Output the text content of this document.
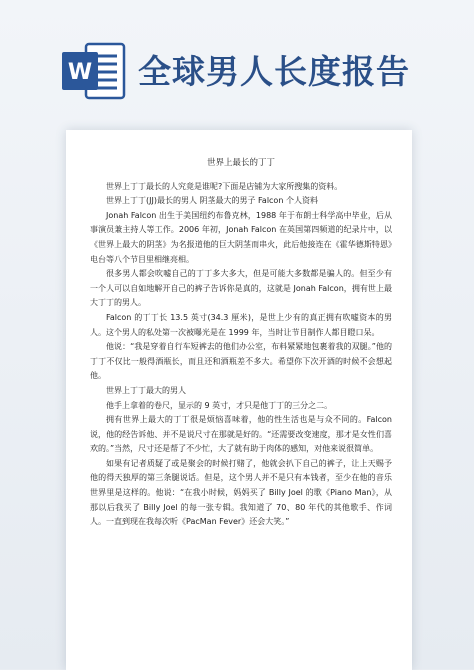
W 全球男人长度报告
世界上最长的丁丁

世界上丁丁最长的人究竟是谁呢?下面是店铺为大家所搜集的资料。

世界上丁丁(JJ)最长的男人 阴茎最大的男子 Falcon 个人资料

Jonah Falcon 出生于美国纽约布鲁克林，1988 年于布朗士科学高中毕业，后从事演员兼主持人等工作。2006 年初，Jonah Falcon 在英国第四频道的纪录片中，以《世界上最大的阴茎》为名报道他的巨大阴茎而串火，此后他接连在《霍华德斯特恩》电台等八个节目里相继亮相。

很多男人都会吹嘘自己的丁丁多大多大，但是可能大多数都是骗人的。但至少有一个人可以自如地解开自己的裤子告诉你是真的，这就是 Jonah Falcon，拥有世上最大丁丁的男人。

Falcon 的丁丁长 13.5 英寸(34.3 厘米)，是世上少有的真正拥有吹嘘资本的男人。这个男人的私处第一次被曝光是在 1999 年，当时让节目制作人都目瞪口呆。

他说：“我是穿着自行车短裤去的他们办公室，布料紧紧地包裹着我的双腿。”他的丁丁不仅比一般得酒瓶长，而且还和酒瓶差不多大。希望你下次开酒的时候不会想起他。

世界上丁丁最大的男人

他手上拿着的卷尺，显示的 9 英寸，才只是他丁丁的三分之二。

拥有世界上最大的丁丁很是烦恼喜味着，他的性生活也是与众不同的。Falcon 说，他的经告诉他、并不是说尺寸在那就是好的。“还需要改变速度，那才是女性们喜欢的。”当然，尺寸还是帮了不少忙，大了就有助于肉体的感知，对他来说很简单。

如果有记者质疑了或是聚会的时候打赌了，他就会扒下自己的裤子，让上天赐予他的得天独厚的第三条腿说话。但是，这个男人并不是只有本钱者，至少在他的音乐世界里是这样的。他说：“在我小时候，妈妈买了 Billy Joel 的歌《Piano Man》，从那以后我买了 Billy Joel 的每一张专辑。我知道了 70、80 年代的其他歌手、作词人。一直到现在我每次听《PacMan Fever》还会大笑。”
